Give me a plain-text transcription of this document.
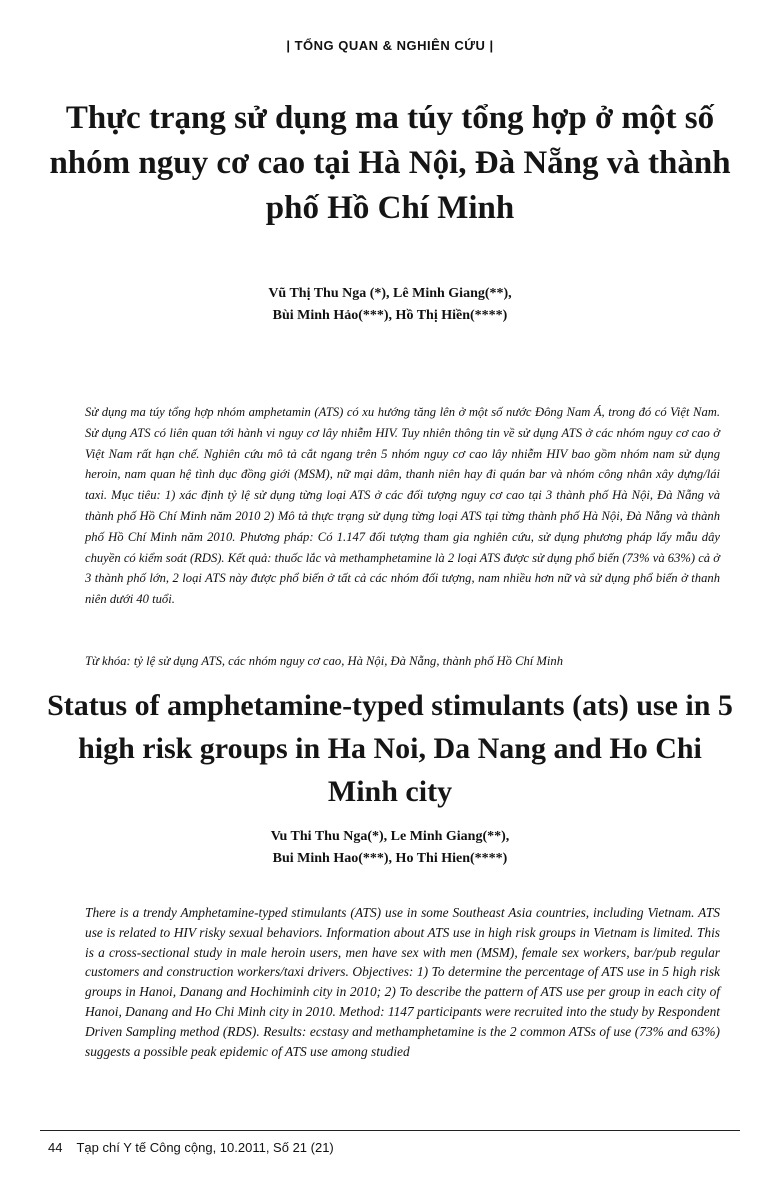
| TỔNG QUAN & NGHIÊN CỨU |
Thực trạng sử dụng ma túy tổng hợp ở một số nhóm nguy cơ cao tại Hà Nội, Đà Nẵng và thành phố Hồ Chí Minh
Vũ Thị Thu Nga (*), Lê Minh Giang(**),
Bùi Minh Hảo(***), Hồ Thị Hiền(****)
Sử dụng ma túy tổng hợp nhóm amphetamin (ATS) có xu hướng tăng lên ở một số nước Đông Nam Á, trong đó có Việt Nam. Sử dụng ATS có liên quan tới hành vi nguy cơ lây nhiễm HIV. Tuy nhiên thông tin về sử dụng ATS ở các nhóm nguy cơ cao ở Việt Nam rất hạn chế. Nghiên cứu mô tả cắt ngang trên 5 nhóm nguy cơ cao lây nhiễm HIV bao gồm nhóm nam sử dụng heroin, nam quan hệ tình dục đồng giới (MSM), nữ mại dâm, thanh niên hay đi quán bar và nhóm công nhân xây dựng/lái taxi. Mục tiêu: 1) xác định tỷ lệ sử dụng từng loại ATS ở các đối tượng nguy cơ cao tại 3 thành phố Hà Nội, Đà Nẵng và thành phố Hồ Chí Minh năm 2010 2) Mô tả thực trạng sử dụng từng loại ATS tại từng thành phố Hà Nội, Đà Nẵng và thành phố Hồ Chí Minh năm 2010. Phương pháp: Có 1.147 đối tượng tham gia nghiên cứu, sử dụng phương pháp lấy mẫu dây chuyền có kiểm soát (RDS). Kết quả: thuốc lắc và methamphetamine là 2 loại ATS được sử dụng phổ biến (73% và 63%) cả ở 3 thành phố lớn, 2 loại ATS này được phổ biến ở tất cả các nhóm đối tượng, nam nhiều hơn nữ và sử dụng phổ biến ở thanh niên dưới 40 tuổi.
Từ khóa: tỷ lệ sử dụng ATS, các nhóm nguy cơ cao, Hà Nội, Đà Nẵng, thành phố Hồ Chí Minh
Status of amphetamine-typed stimulants (ats) use in 5 high risk groups in Ha Noi, Da Nang and Ho Chi Minh city
Vu Thi Thu Nga(*), Le Minh Giang(**),
Bui Minh Hao(***), Ho Thi Hien(****)
There is a trendy Amphetamine-typed stimulants (ATS) use in some Southeast Asia countries, including Vietnam. ATS use is related to HIV risky sexual behaviors. Information about ATS use in high risk groups in Vietnam is limited. This is a cross-sectional study in male heroin users, men have sex with men (MSM), female sex workers, bar/pub regular customers and construction workers/taxi drivers. Objectives: 1) To determine the percentage of ATS use in 5 high risk groups in Hanoi, Danang and Hochiminh city in 2010; 2) To describe the pattern of ATS use per group in each city of Hanoi, Danang and Ho Chi Minh city in 2010. Method: 1147 participants were recruited into the study by Respondent Driven Sampling method (RDS). Results: ecstasy and methamphetamine is the 2 common ATSs of use (73% and 63%) suggests a possible peak epidemic of ATS use among studied
44 Tạp chí Y tế Công cộng, 10.2011, Số 21 (21)
